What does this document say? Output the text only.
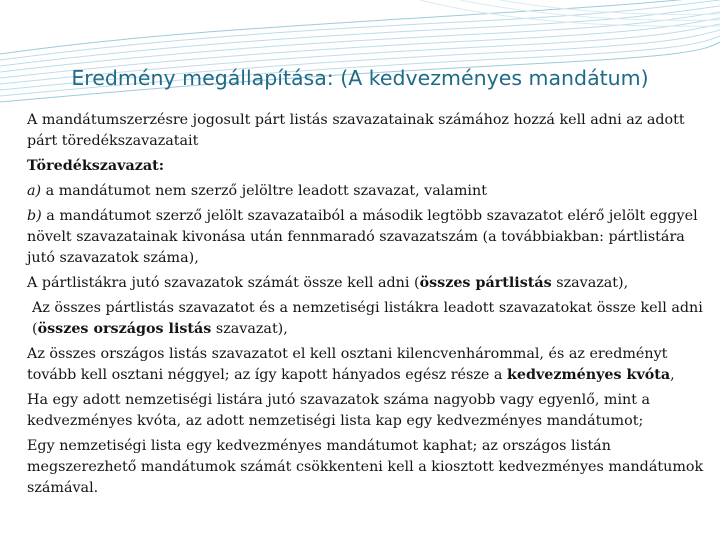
Eredmény megállapítása: (A kedvezményes mandátum)

A mandátumszerzésre jogosult párt listás szavazatainak számához hozzá kell adni az adott párt töredékszavazatait

Töredékszavazat:

a) a mandátumot nem szerző jelöltre leadott szavazat, valamint

b) a mandátumot szerző jelölt szavazataiból a második legtöbb szavazatot elérő jelölt eggyel növelt szavazatainak kivonása után fennmaradó szavazatszám (a továbbiakban: pártlistára jutó szavazatok száma),

A pártlistákra jutó szavazatok számát össze kell adni (összes pártlistás szavazat),

Az összes pártlistás szavazatot és a nemzetiségi listákra leadott szavazatokat össze kell adni (összes országos listás szavazat),

Az összes országos listás szavazatot el kell osztani kilencvenhárommal, és az eredményt tovább kell osztani néggyel; az így kapott hányados egész része a kedvezményes kvóta,

Ha egy adott nemzetiségi listára jutó szavazatok száma nagyobb vagy egyenlő, mint a kedvezményes kvóta, az adott nemzetiségi lista kap egy kedvezményes mandátumot;

Egy nemzetiségi lista egy kedvezményes mandátumot kaphat; az országos listán megszerezhető mandátumok számát csökkenteni kell a kiosztott kedvezményes mandátumok számával.
